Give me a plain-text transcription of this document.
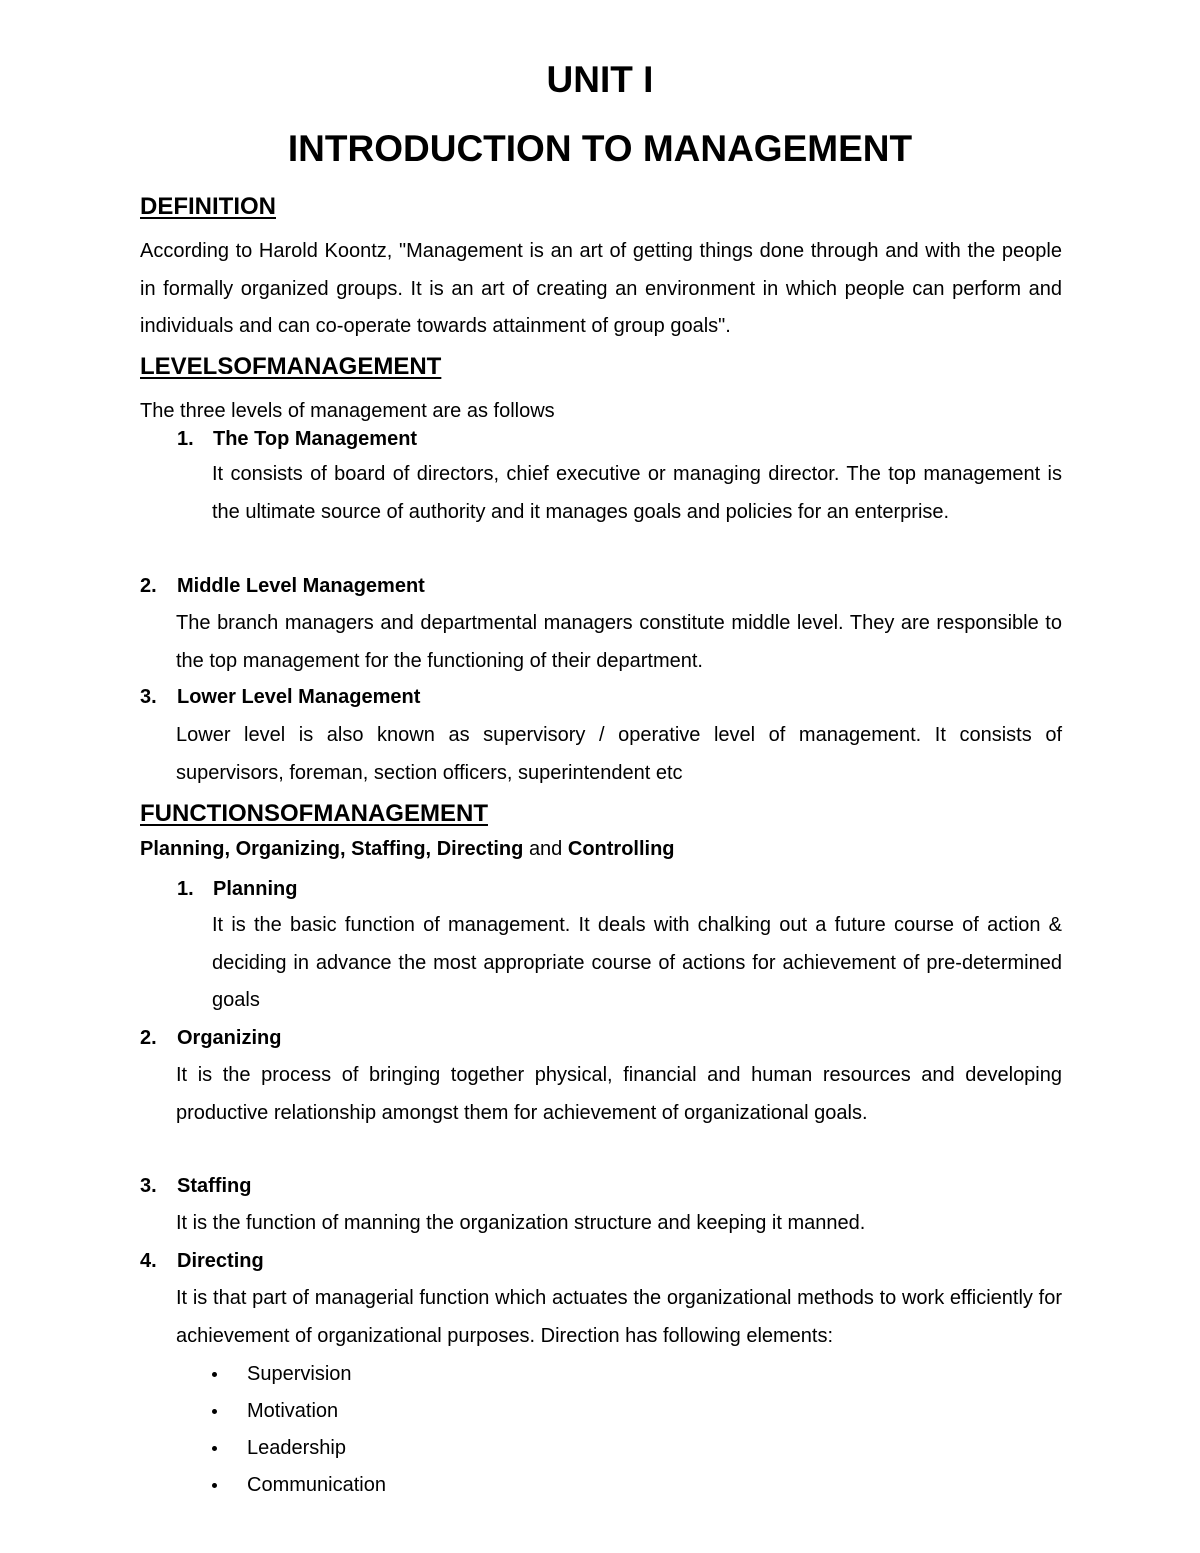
UNIT I
INTRODUCTION TO MANAGEMENT
DEFINITION

According to Harold Koontz, "Management is an art of getting things done through and with the people in formally organized groups. It is an art of creating an environment in which people can perform and individuals and can co-operate towards attainment of group goals".

LEVELSOFMANAGEMENT
The three levels of management are as follows
1. The Top Management

It consists of board of directors, chief executive or managing director. The top management is the ultimate source of authority and it manages goals and policies for an enterprise.

2. Middle Level Management

The branch managers and departmental managers constitute middle level. They are responsible to the top management for the functioning of their department.

3. Lower Level Management

Lower level is also known as supervisory / operative level of management. It consists of supervisors, foreman, section officers, superintendent etc

FUNCTIONSOFMANAGEMENT
Planning, Organizing, Staffing, Directing and Controlling
1. Planning

It is the basic function of management. It deals with chalking out a future course of action & deciding in advance the most appropriate course of actions for achievement of pre-determined goals

2. Organizing

It is the process of bringing together physical, financial and human resources and developing productive relationship amongst them for achievement of organizational goals.

3. Staffing

It is the function of manning the organization structure and keeping it manned.

4. Directing

It is that part of managerial function which actuates the organizational methods to work efficiently for achievement of organizational purposes. Direction has following elements:

Supervision
Motivation
Leadership
Communication
